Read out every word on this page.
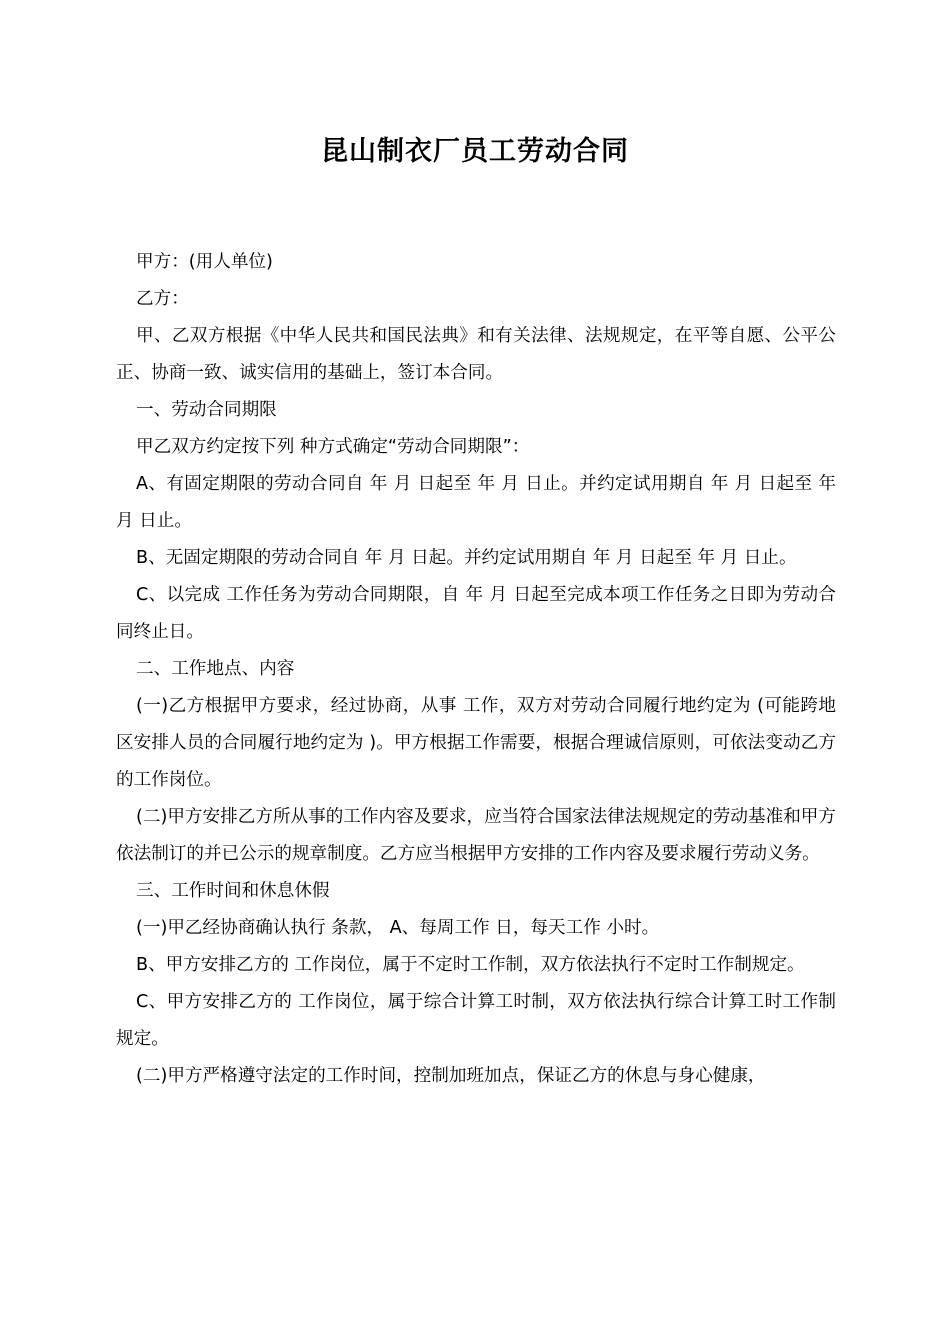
昆山制衣厂员工劳动合同

甲方：(用人单位)

乙方：

甲、乙双方根据《中华人民共和国民法典》和有关法律、法规规定，在平等自愿、公平公正、协商一致、诚实信用的基础上，签订本合同。

一、劳动合同期限

甲乙双方约定按下列 种方式确定“劳动合同期限”：

A、有固定期限的劳动合同自 年 月 日起至 年 月 日止。并约定试用期自 年 月 日起至 年 月 日止。

B、无固定期限的劳动合同自 年 月 日起。并约定试用期自 年 月 日起至 年 月 日止。

C、以完成 工作任务为劳动合同期限，自 年 月 日起至完成本项工作任务之日即为劳动合同终止日。

二、工作地点、内容

(一)乙方根据甲方要求，经过协商，从事 工作，双方对劳动合同履行地约定为 (可能跨地区安排人员的合同履行地约定为 )。甲方根据工作需要，根据合理诚信原则，可依法变动乙方的工作岗位。

(二)甲方安排乙方所从事的工作内容及要求，应当符合国家法律法规规定的劳动基准和甲方依法制订的并已公示的规章制度。乙方应当根据甲方安排的工作内容及要求履行劳动义务。

三、工作时间和休息休假

(一)甲乙经协商确认执行 条款， A、每周工作 日，每天工作 小时。

B、甲方安排乙方的 工作岗位，属于不定时工作制，双方依法执行不定时工作制规定。

C、甲方安排乙方的 工作岗位，属于综合计算工时制，双方依法执行综合计算工时工作制规定。

(二)甲方严格遵守法定的工作时间，控制加班加点，保证乙方的休息与身心健康，
